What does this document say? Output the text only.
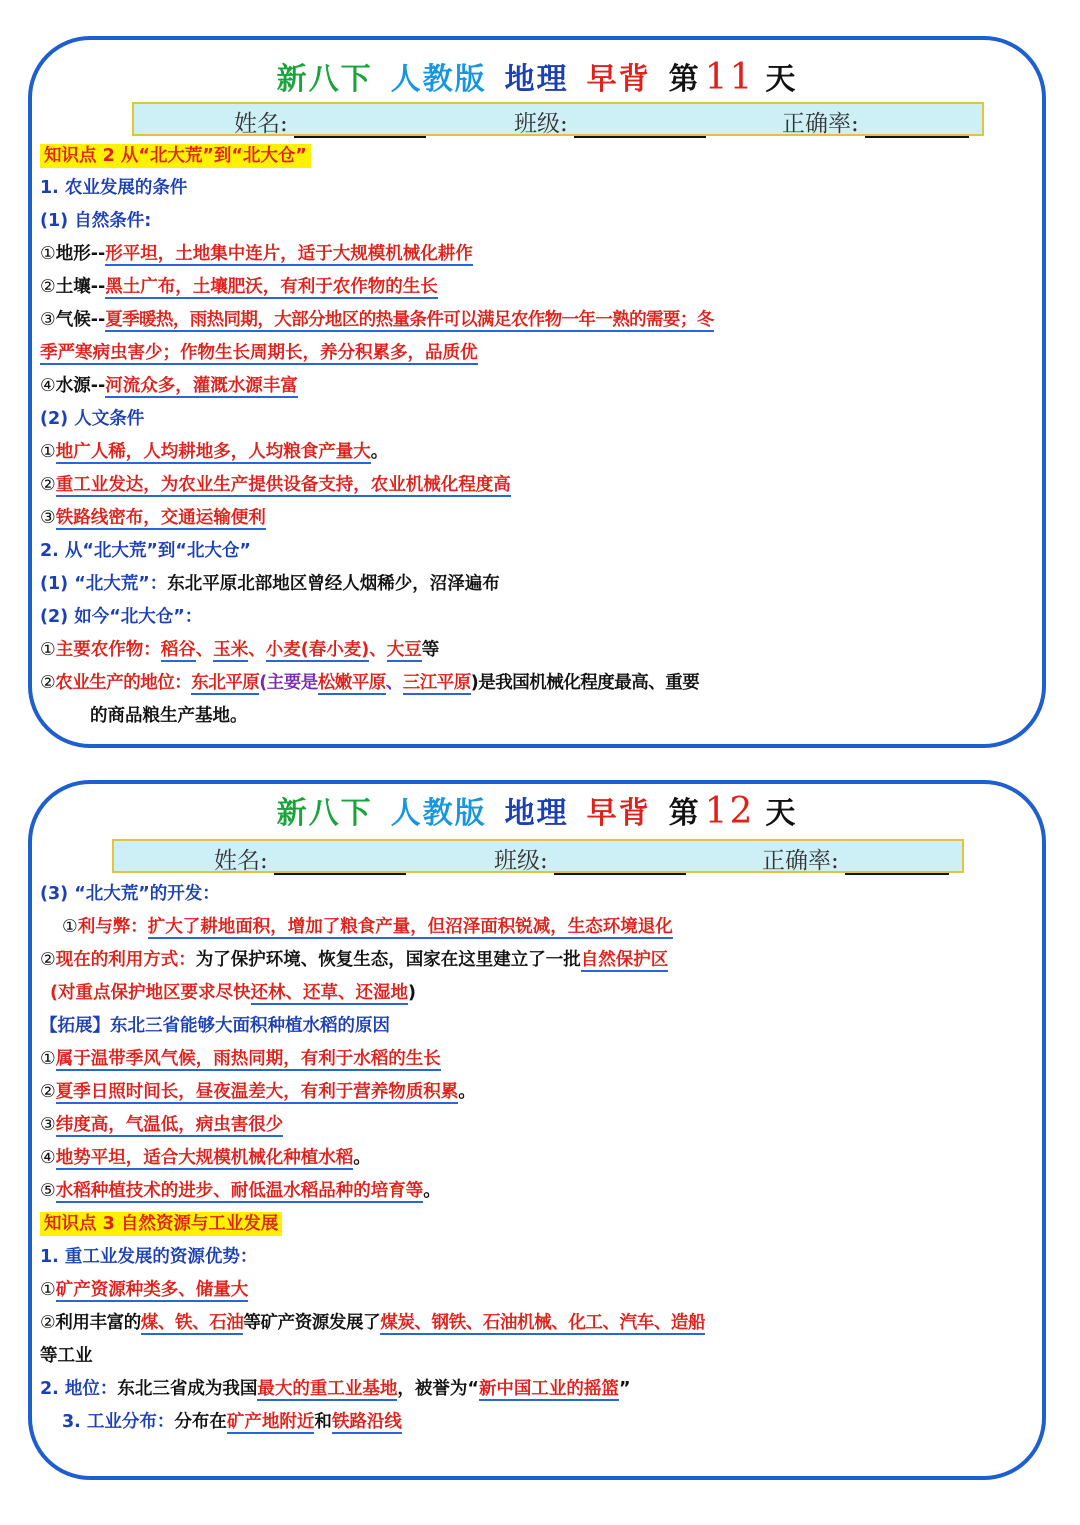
新八下 人教版 地理 早背 第 11 天
姓名:	班级:	正确率:
知识点 2 从“北大荒”到“北大仓”
1. 农业发展的条件
(1) 自然条件:
①地形--形平坦，土地集中连片，适于大规模机械化耕作
②土壤--黑土广布，土壤肥沃，有利于农作物的生长
③气候--夏季暖热，雨热同期，大部分地区的热量条件可以满足农作物一年一熟的需要；冬
季严寒病虫害少；作物生长周期长，养分积累多，品质优
④水源--河流众多，灌溉水源丰富
(2) 人文条件
①地广人稀，人均耕地多，人均粮食产量大。
②重工业发达，为农业生产提供设备支持，农业机械化程度高
③铁路线密布，交通运输便利
2. 从“北大荒”到“北大仓”
(1) “北大荒”：东北平原北部地区曾经人烟稀少，沼泽遍布
(2) 如今“北大仓”：
①主要农作物：稻谷、玉米、小麦(春小麦)、大豆等
②农业生产的地位：东北平原(主要是松嫩平原、三江平原)是我国机械化程度最高、重要
的商品粮生产基地。
新八下 人教版 地理 早背 第 12 天
姓名:	班级:	正确率:
(3) “北大荒”的开发：
①利与弊：扩大了耕地面积，增加了粮食产量，但沼泽面积锐减，生态环境退化
②现在的利用方式：为了保护环境、恢复生态，国家在这里建立了一批自然保护区
(对重点保护地区要求尽快还林、还草、还湿地)
【拓展】东北三省能够大面积种植水稻的原因
①属于温带季风气候，雨热同期，有利于水稻的生长
②夏季日照时间长，昼夜温差大，有利于营养物质积累。
③纬度高，气温低，病虫害很少
④地势平坦，适合大规模机械化种植水稻。
⑤水稻种植技术的进步、耐低温水稻品种的培育等。
知识点 3 自然资源与工业发展
1. 重工业发展的资源优势：
①矿产资源种类多、储量大
②利用丰富的煤、铁、石油等矿产资源发展了煤炭、钢铁、石油机械、化工、汽车、造船
等工业
2. 地位：东北三省成为我国最大的重工业基地，被誉为“新中国工业的摇篮”
3. 工业分布：分布在矿产地附近和铁路沿线
